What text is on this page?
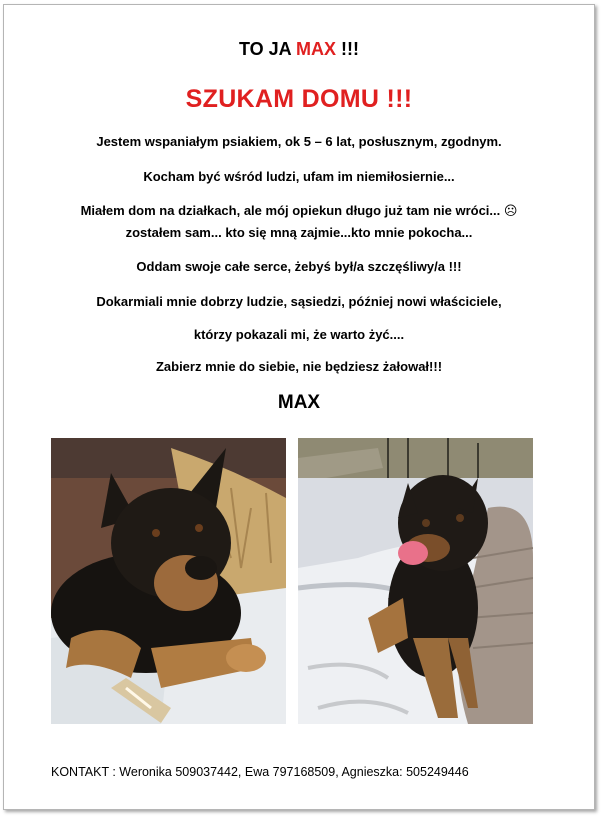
TO JA MAX !!!
SZUKAM DOMU !!!
Jestem wspaniałym psiakiem, ok 5 – 6 lat, posłusznym, zgodnym.
Kocham być wśród ludzi, ufam im niemiłosiernie...
Miałem dom na działkach, ale mój opiekun długo już tam nie wróci... ☹
zostałem sam... kto się mną zajmie...kto mnie pokocha...
Oddam swoje całe serce, żebyś był/a szczęśliwy/a !!!
Dokarmiali mnie dobrzy ludzie, sąsiedzi, później nowi właściciele,
którzy pokazali mi, że warto żyć....
Zabierz mnie do siebie, nie będziesz żałował!!!
MAX
KONTAKT : Weronika 509037442, Ewa 797168509, Agnieszka: 505249446
